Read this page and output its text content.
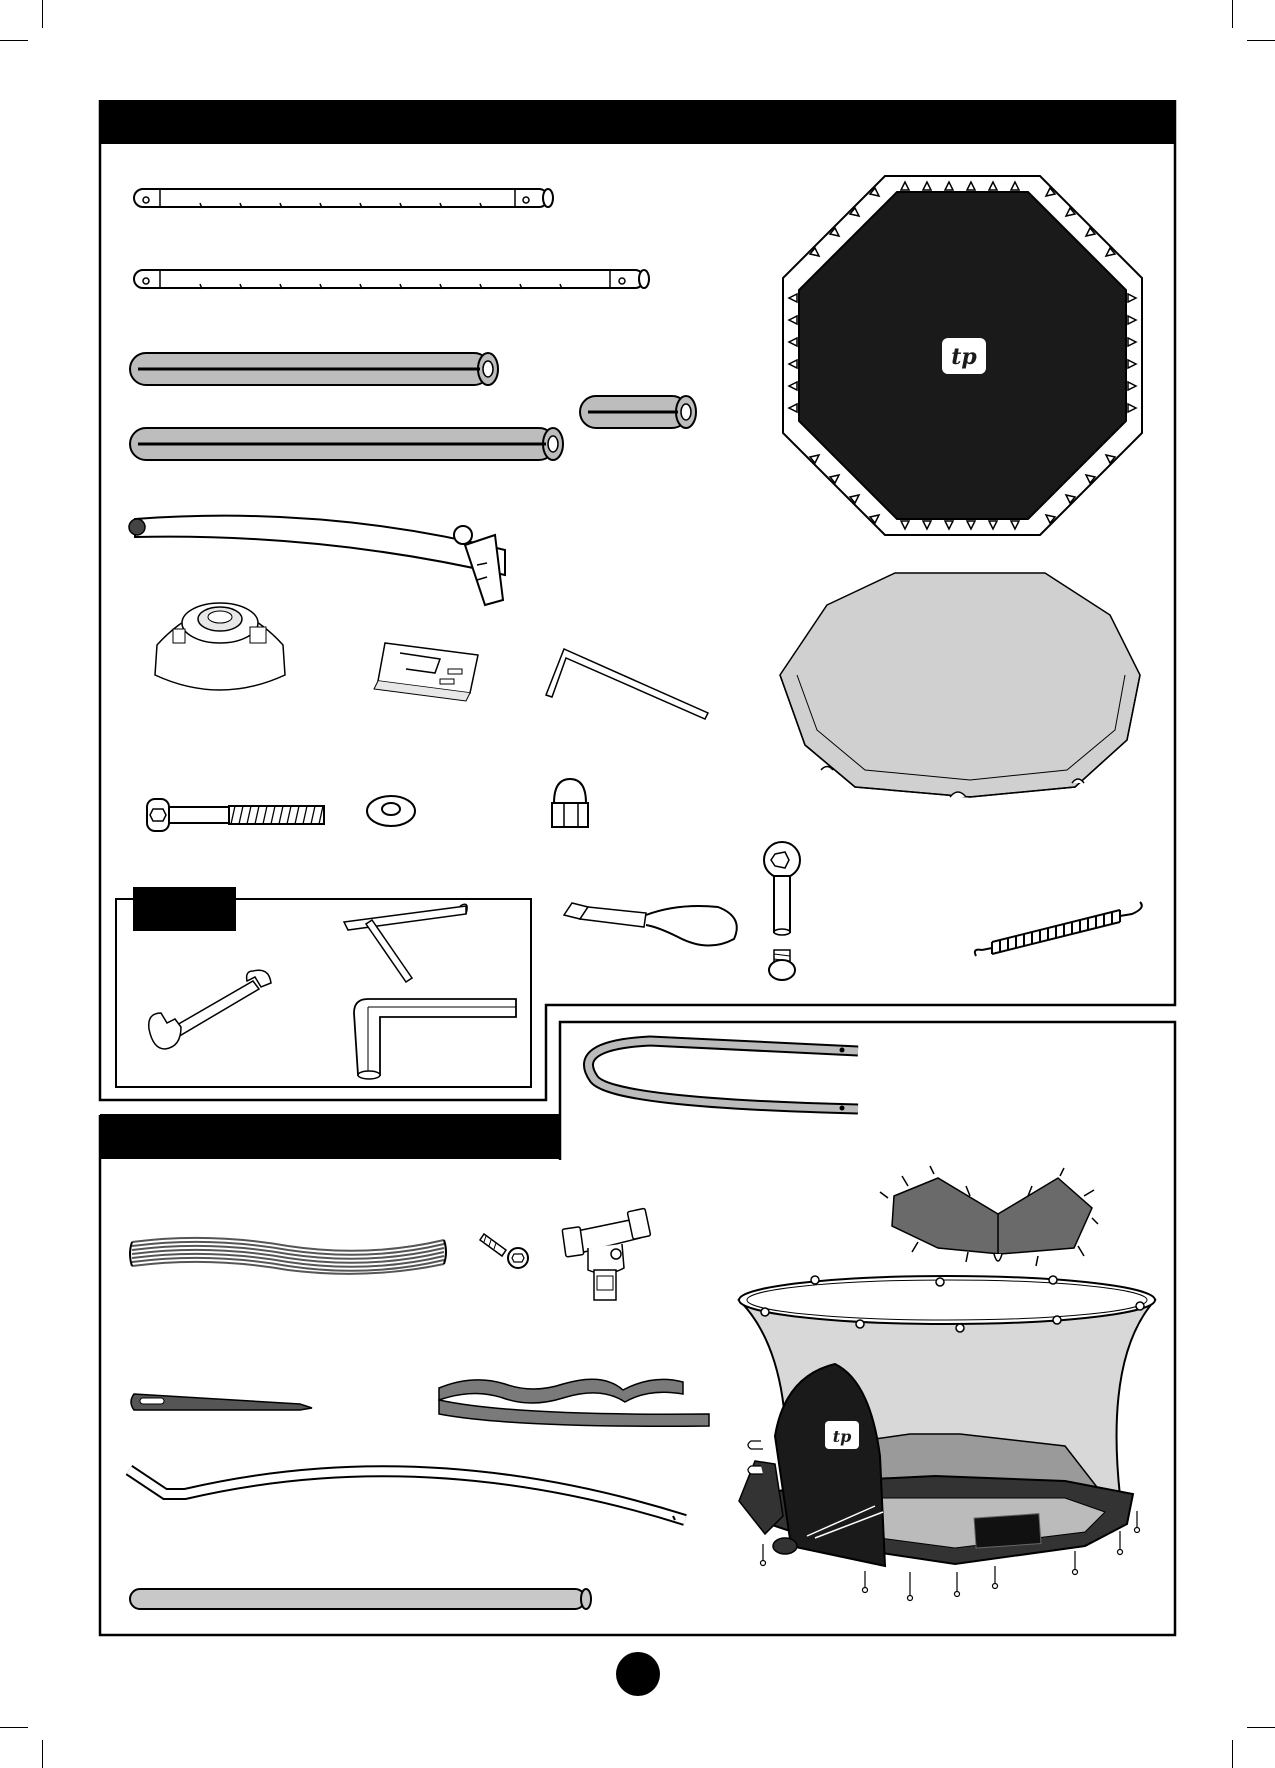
tp
tp
